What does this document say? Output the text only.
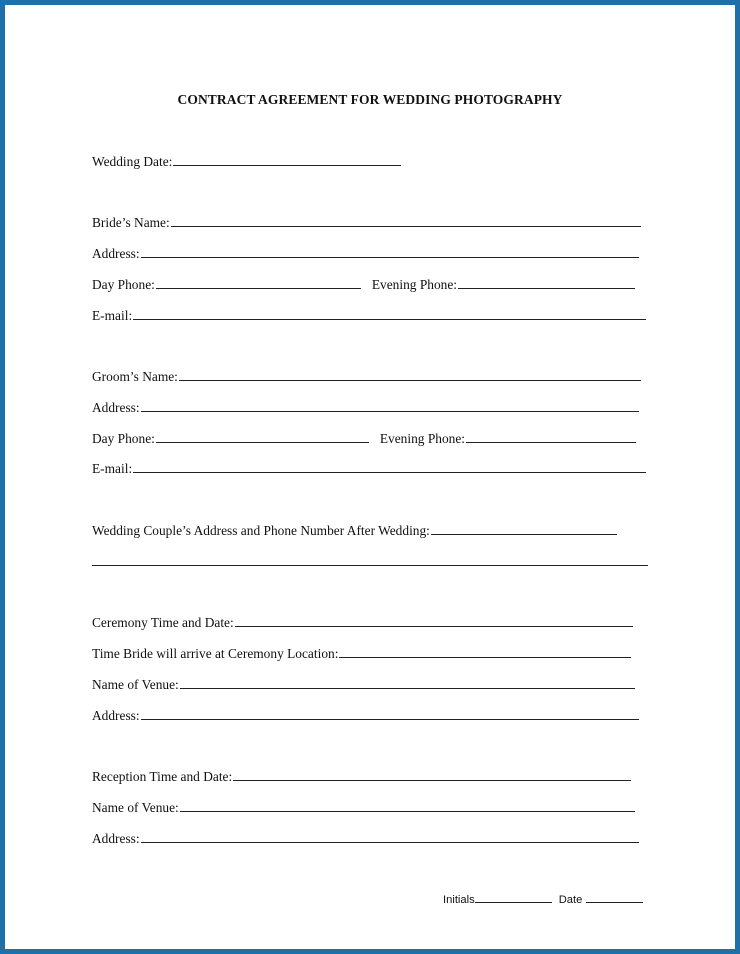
CONTRACT AGREEMENT FOR WEDDING PHOTOGRAPHY
Wedding Date:
Bride’s Name:
Address:
Day Phone:	Evening Phone:
E-mail:
Groom’s Name:
Address:
Day Phone:	Evening Phone:
E-mail:
Wedding Couple’s Address and Phone Number After Wedding:
Ceremony Time and Date:
Time Bride will arrive at Ceremony Location:
Name of Venue:
Address:
Reception Time and Date:
Name of Venue:
Address:
Initials	Date
